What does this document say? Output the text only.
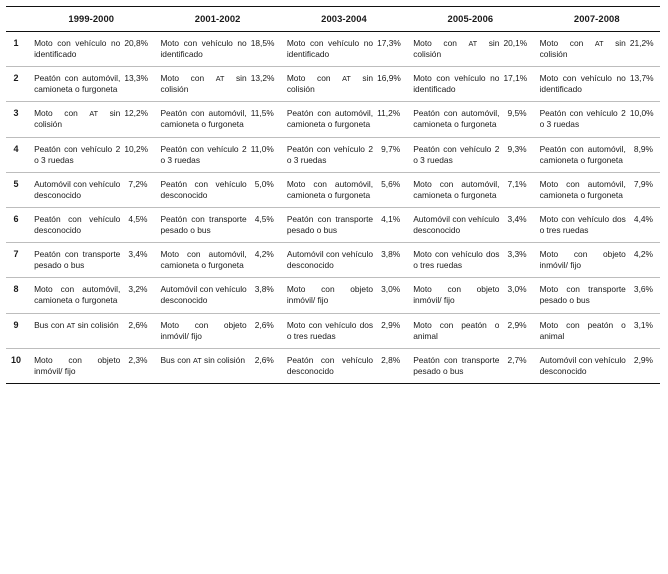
	1999-2000		2001-2002		2003-2004		2005-2006		2007-2008	
1	Moto con vehículo no identificado	20,8%	Moto con vehículo no identificado	18,5%	Moto con vehículo no identificado	17,3%	Moto con AT sin colisión	20,1%	Moto con AT sin colisión	21,2%
2	Peatón con automóvil, camioneta o furgoneta	13,3%	Moto con AT sin colisión	13,2%	Moto con AT sin colisión	16,9%	Moto con vehículo no identificado	17,1%	Moto con vehículo no identificado	13,7%
3	Moto con AT sin colisión	12,2%	Peatón con automóvil, camioneta o furgoneta	11,5%	Peatón con automóvil, camioneta o furgoneta	11,2%	Peatón con automóvil, camioneta o furgoneta	9,5%	Peatón con vehículo 2 o 3 ruedas	10,0%
4	Peatón con vehículo 2 o 3 ruedas	10,2%	Peatón con vehículo 2 o 3 ruedas	11,0%	Peatón con vehículo 2 o 3 ruedas	9,7%	Peatón con vehículo 2 o 3 ruedas	9,3%	Peatón con automóvil, camioneta o furgoneta	8,9%
5	Automóvil con vehículo desconocido	7,2%	Peatón con vehículo desconocido	5,0%	Moto con automóvil, camioneta o furgoneta	5,6%	Moto con automóvil, camioneta o furgoneta	7,1%	Moto con automóvil, camioneta o furgoneta	7,9%
6	Peatón con vehículo desconocido	4,5%	Peatón con transporte pesado o bus	4,5%	Peatón con transporte pesado o bus	4,1%	Automóvil con vehículo desconocido	3,4%	Moto con vehículo dos o tres ruedas	4,4%
7	Peatón con transporte pesado o bus	3,4%	Moto con automóvil, camioneta o furgoneta	4,2%	Automóvil con vehículo desconocido	3,8%	Moto con vehículo dos o tres ruedas	3,3%	Moto con objeto inmóvil/ fijo	4,2%
8	Moto con automóvil, camioneta o furgoneta	3,2%	Automóvil con vehículo desconocido	3,8%	Moto con objeto inmóvil/ fijo	3,0%	Moto con objeto inmóvil/ fijo	3,0%	Moto con transporte pesado o bus	3,6%
9	Bus con AT sin colisión	2,6%	Moto con objeto inmóvil/ fijo	2,6%	Moto con vehículo dos o tres ruedas	2,9%	Moto con peatón o animal	2,9%	Moto con peatón o animal	3,1%
10	Moto con objeto inmóvil/ fijo	2,3%	Bus con AT sin colisión	2,6%	Peatón con vehículo desconocido	2,8%	Peatón con transporte pesado o bus	2,7%	Automóvil con vehículo desconocido	2,9%
